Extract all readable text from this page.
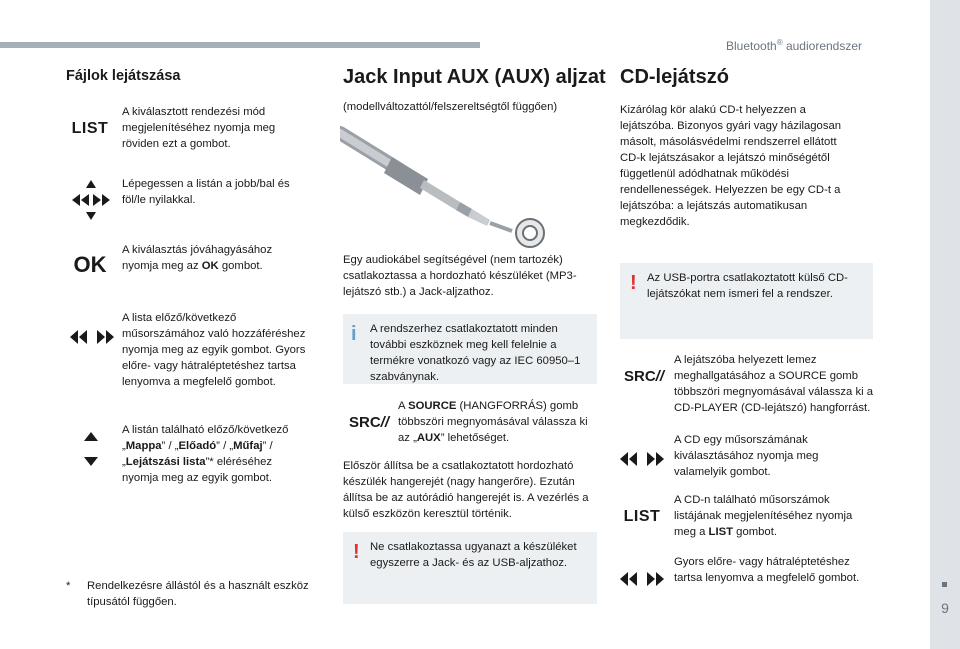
Bluetooth® audiorendszer
9
Fájlok lejátszása
LIST
A kiválasztott rendezési mód megjelenítéséhez nyomja meg röviden ezt a gombot.
Lépegessen a listán a jobb/bal és föl/le nyilakkal.
OK
A kiválasztás jóváhagyásához nyomja meg az OK gombot.
A lista előző/következő műsorszámához való hozzáféréshez nyomja meg az egyik gombot. Gyors előre- vagy hátraléptetéshez tartsa lenyomva a megfelelő gombot.
A listán található előző/következő „Mappa” / „Előadó” / „Műfaj” / „Lejátszási lista”* eléréséhez nyomja meg az egyik gombot.
*	Rendelkezésre állástól és a használt eszköz típusától függően.
Jack Input AUX (AUX) aljzat
(modellváltozattól/felszereltségtől függően)
Egy audiokábel segítségével (nem tartozék) csatlakoztassa a hordozható készüléket (MP3-lejátszó stb.) a Jack-aljzathoz.
i	A rendszerhez csatlakoztatott minden további eszköznek meg kell felelnie a termékre vonatkozó vagy az IEC 60950–1 szabványnak.
SRC//
A SOURCE (HANGFORRÁS) gomb többszöri megnyomásával válassza ki az „AUX” lehetőséget.
Először állítsa be a csatlakoztatott hordozható készülék hangerejét (nagy hangerőre). Ezután állítsa be az autórádió hangerejét is. A vezérlés a külső eszközön keresztül történik.
! Ne csatlakoztassa ugyanazt a készüléket egyszerre a Jack- és az USB-aljzathoz.
CD-lejátszó
Kizárólag kör alakú CD-t helyezzen a lejátszóba. Bizonyos gyári vagy házilagosan másolt, másolásvédelmi rendszerrel ellátott CD-k lejátszásakor a lejátszó minőségétől függetlenül adódhatnak működési rendellenességek. Helyezzen be egy CD-t a lejátszóba: a lejátszás automatikusan megkezdődik.
! Az USB-portra csatlakoztatott külső CD-lejátszókat nem ismeri fel a rendszer.
SRC//
A lejátszóba helyezett lemez meghallgatásához a SOURCE gomb többszöri megnyomásával válassza ki a CD-PLAYER (CD-lejátszó) hangforrást.
A CD egy műsorszámának kiválasztásához nyomja meg valamelyik gombot.
LIST
A CD-n található műsorszámok listájának megjelenítéséhez nyomja meg a LIST gombot.
Gyors előre- vagy hátraléptetéshez tartsa lenyomva a megfelelő gombot.
